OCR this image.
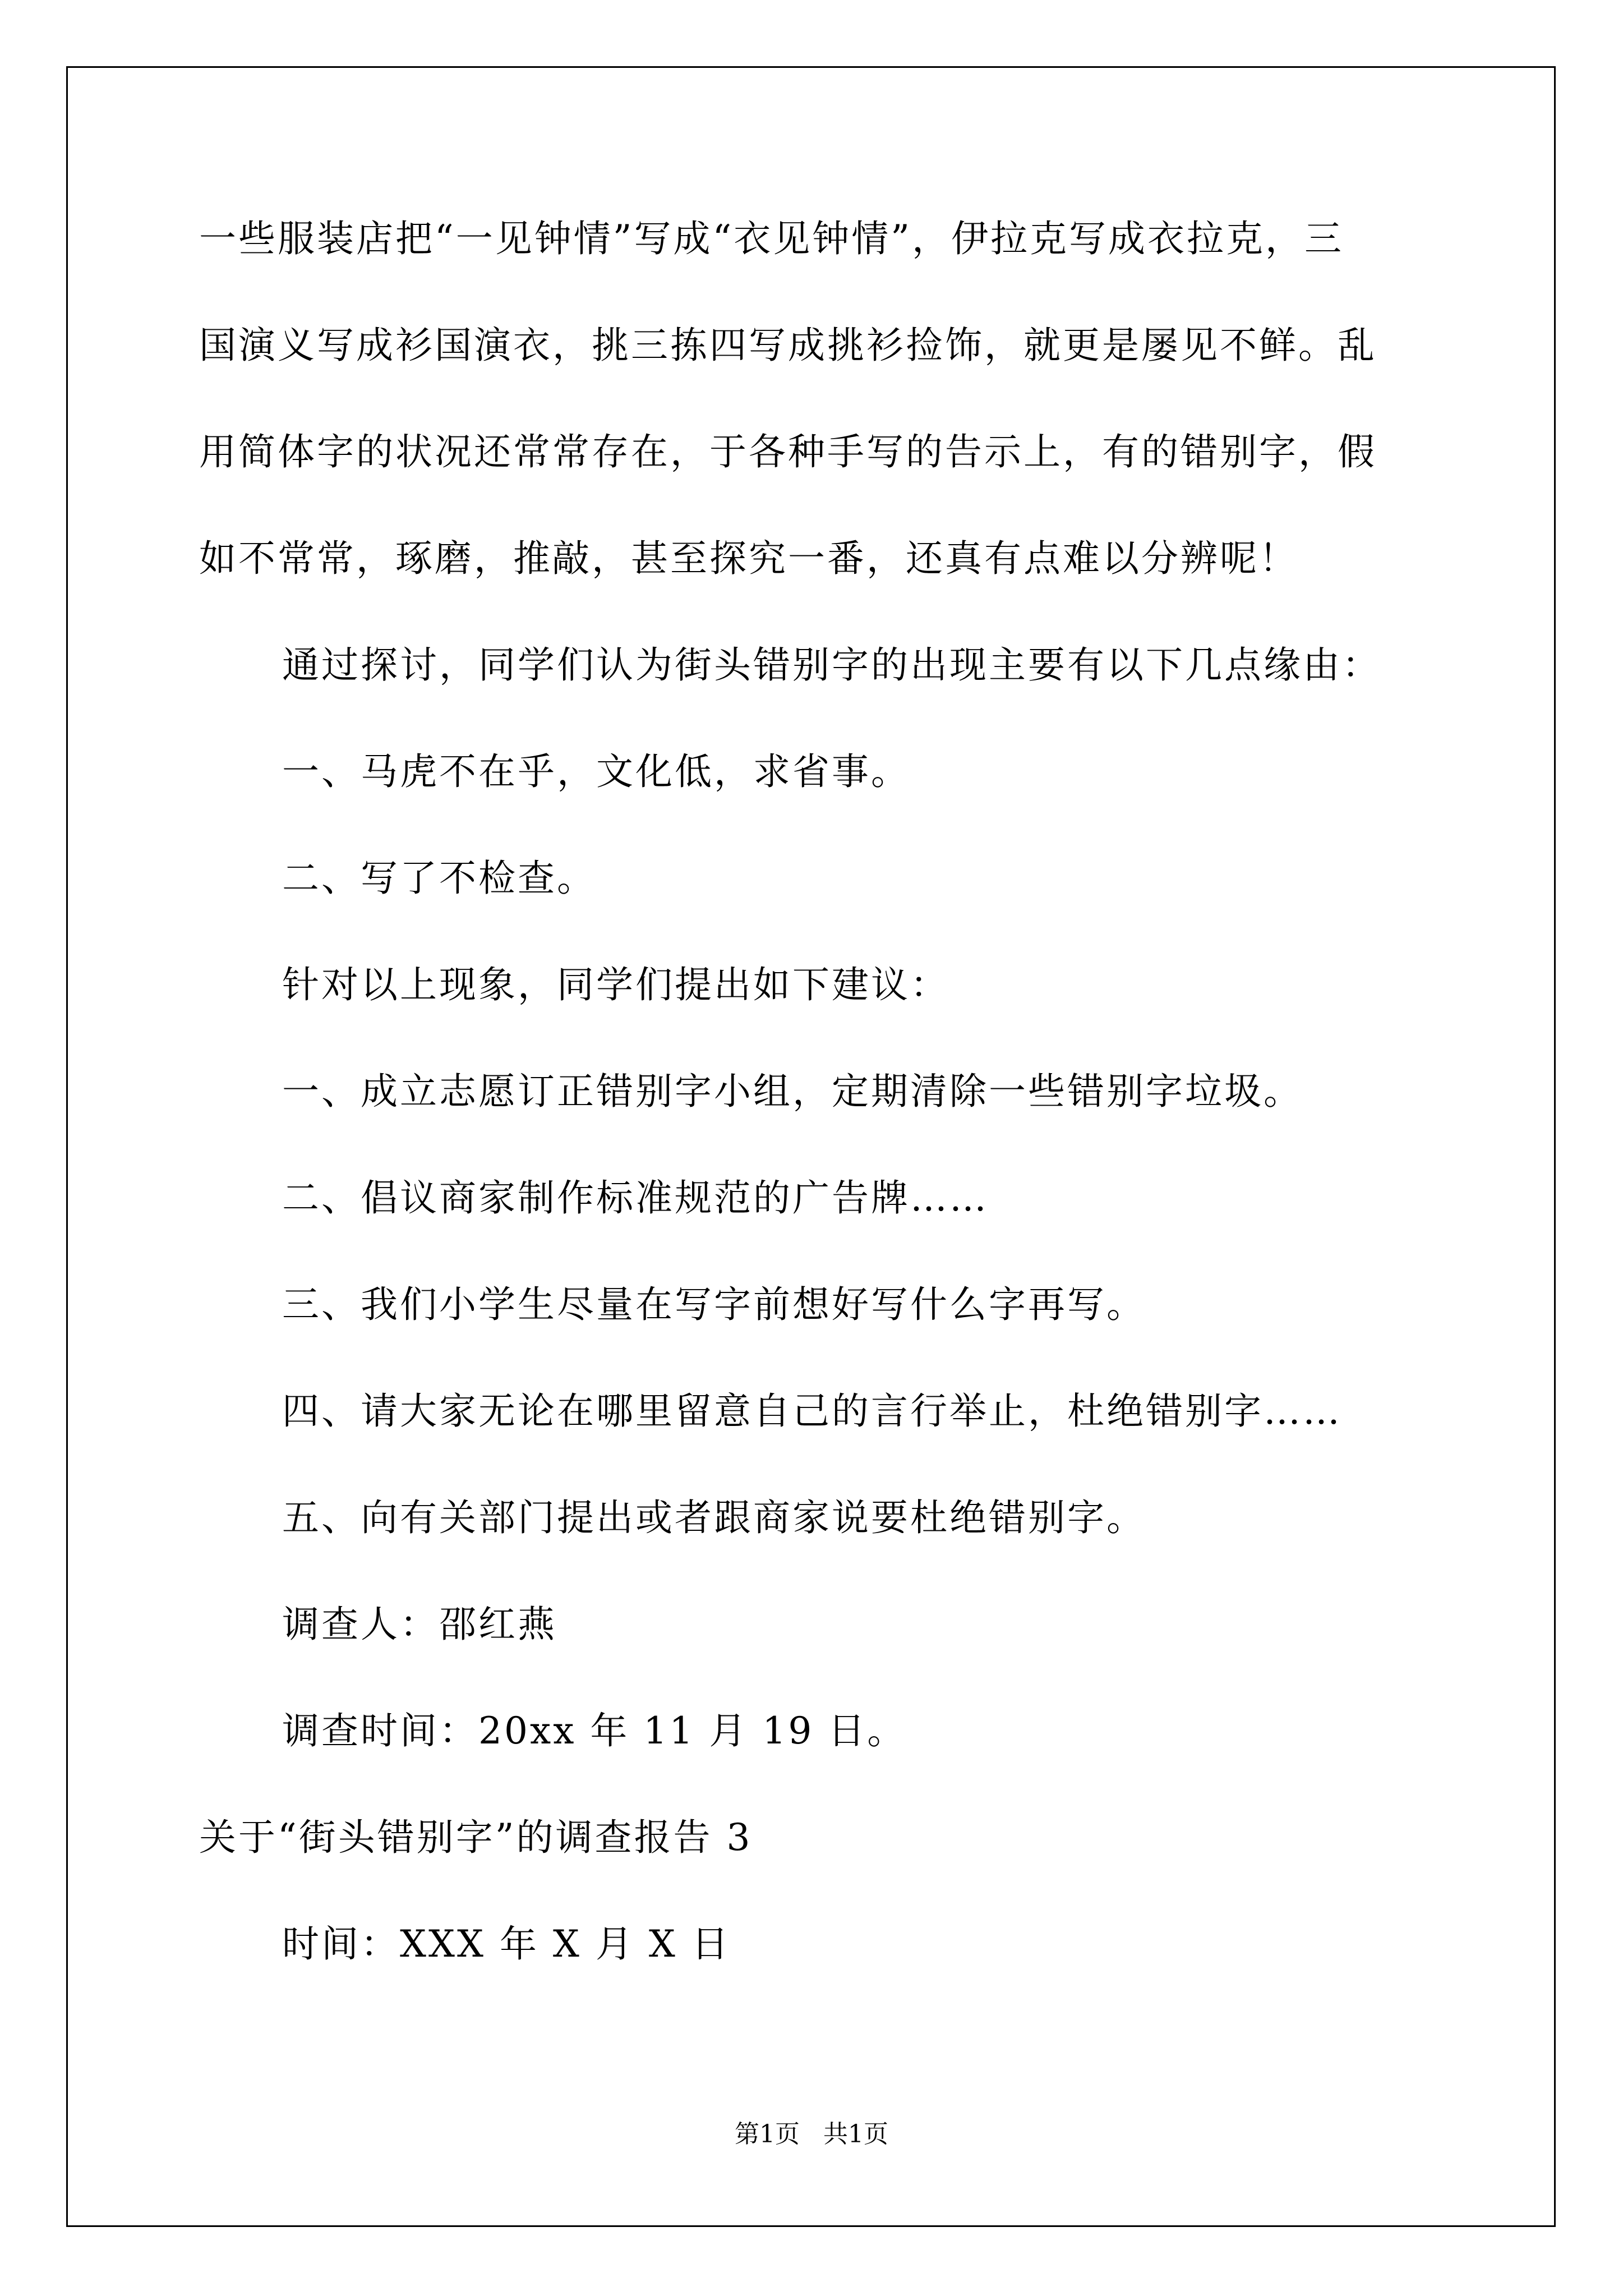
一些服装店把“一见钟情”写成“衣见钟情”，伊拉克写成衣拉克，三
国演义写成衫国演衣，挑三拣四写成挑衫捡饰，就更是屡见不鲜。乱
用简体字的状况还常常存在，于各种手写的告示上，有的错别字，假
如不常常，琢磨，推敲，甚至探究一番，还真有点难以分辨呢！
通过探讨，同学们认为街头错别字的出现主要有以下几点缘由：
一、马虎不在乎，文化低，求省事。
二、写了不检查。
针对以上现象，同学们提出如下建议：
一、成立志愿订正错别字小组，定期清除一些错别字垃圾。
二、倡议商家制作标准规范的广告牌……
三、我们小学生尽量在写字前想好写什么字再写。
四、请大家无论在哪里留意自己的言行举止，杜绝错别字……
五、向有关部门提出或者跟商家说要杜绝错别字。
调查人：邵红燕
调查时间：20xx 年 11 月 19 日。
关于“街头错别字”的调查报告 3
时间：XXX 年 X 月 X 日
第1页   共1页
